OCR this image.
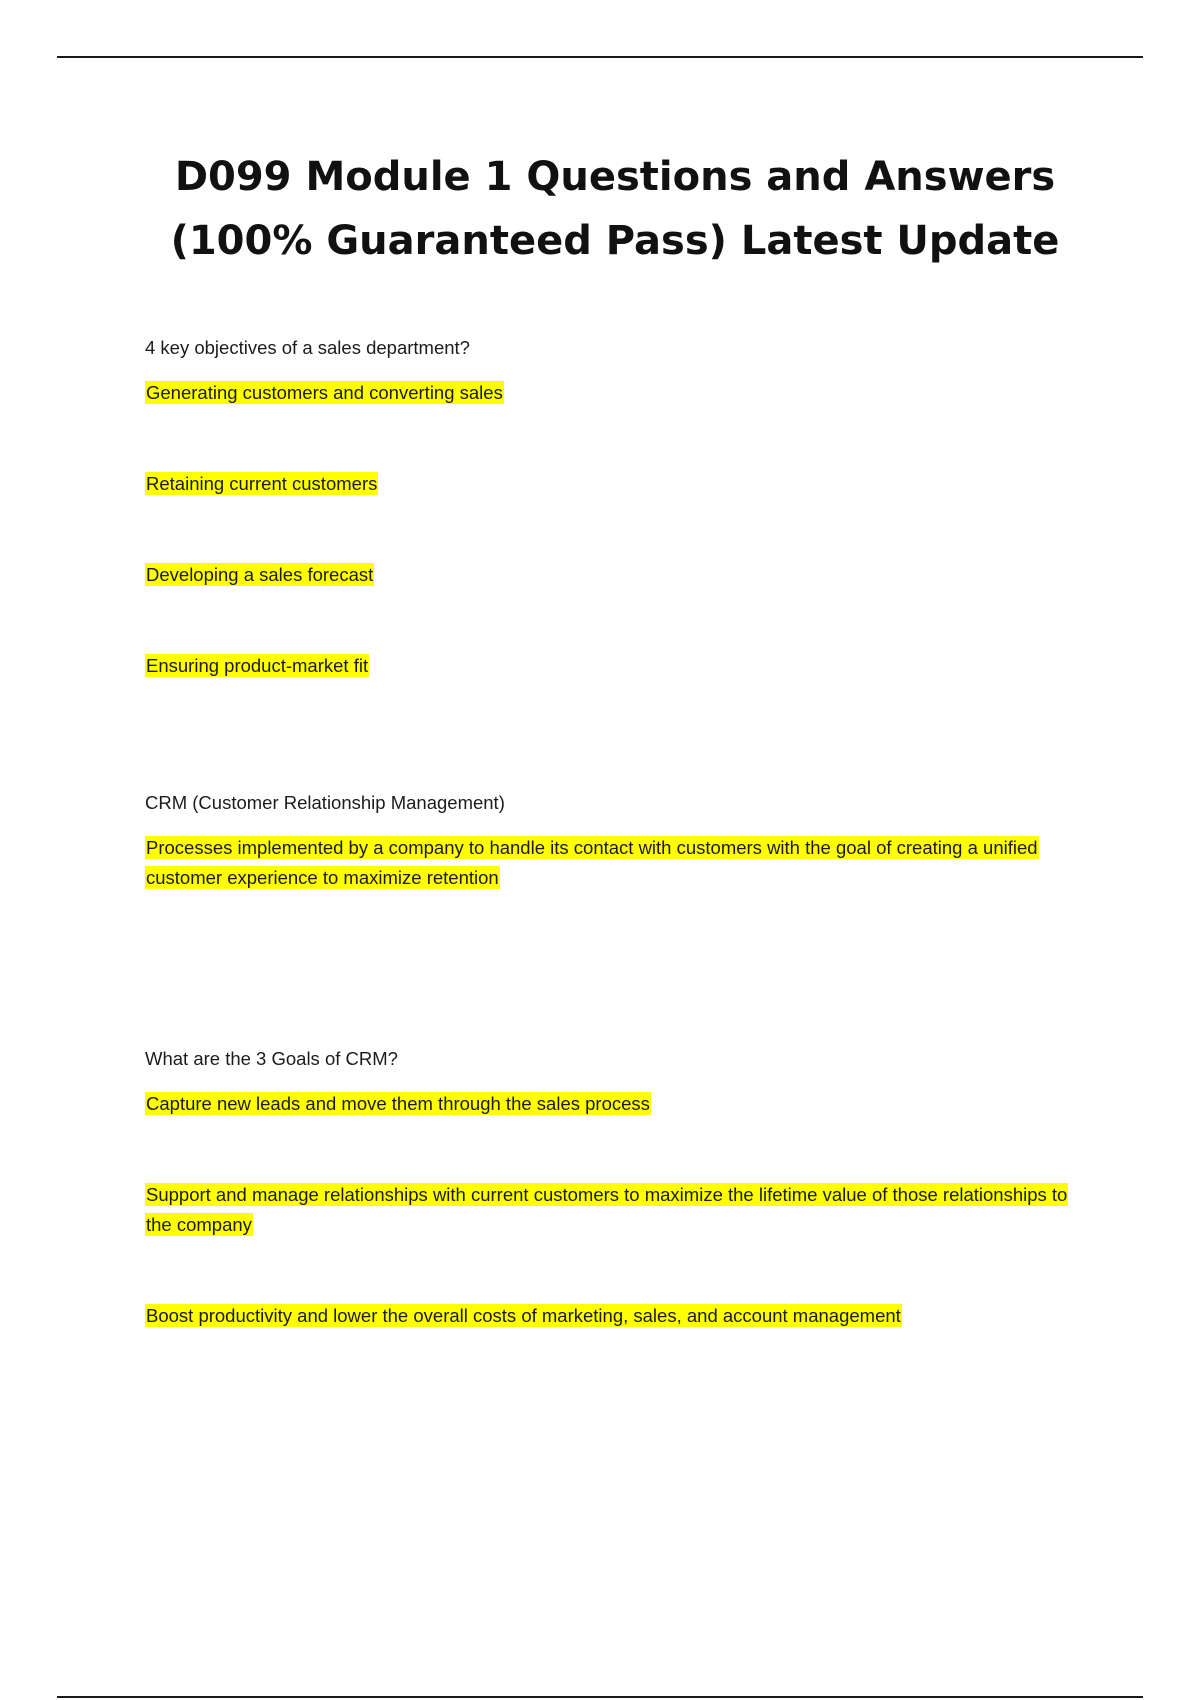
D099 Module 1 Questions and Answers (100% Guaranteed Pass) Latest Update

4 key objectives of a sales department?

Generating customers and converting sales

Retaining current customers

Developing a sales forecast

Ensuring product-market fit

CRM (Customer Relationship Management)

Processes implemented by a company to handle its contact with customers with the goal of creating a unified customer experience to maximize retention

What are the 3 Goals of CRM?

Capture new leads and move them through the sales process

Support and manage relationships with current customers to maximize the lifetime value of those relationships to the company

Boost productivity and lower the overall costs of marketing, sales, and account management
